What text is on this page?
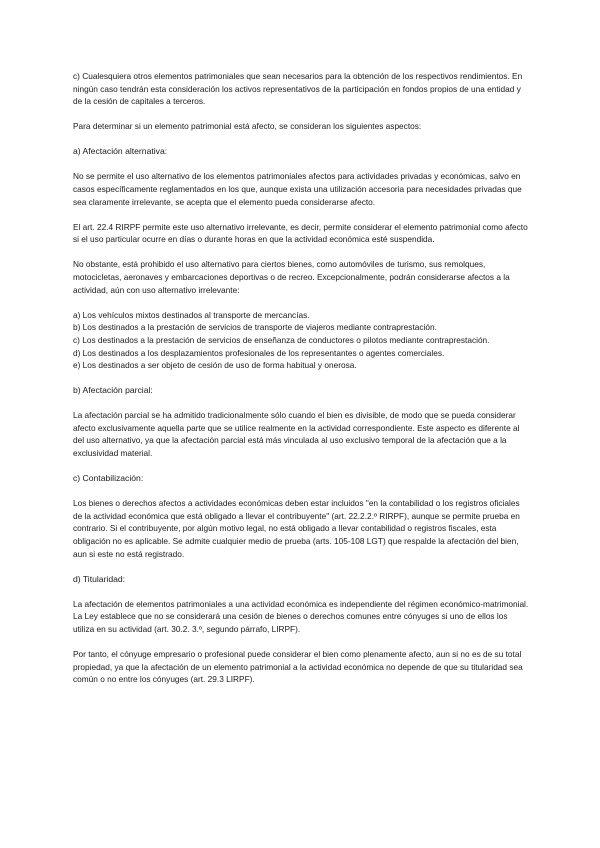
c) Cualesquiera otros elementos patrimoniales que sean necesarios para la obtención de los respectivos rendimientos. En ningún caso tendrán esta consideración los activos representativos de la participación en fondos propios de una entidad y de la cesión de capitales a terceros.

Para determinar si un elemento patrimonial está afecto, se consideran los siguientes aspectos:

a) Afectación alternativa:

No se permite el uso alternativo de los elementos patrimoniales afectos para actividades privadas y económicas, salvo en casos específicamente reglamentados en los que, aunque exista una utilización accesoria para necesidades privadas que sea claramente irrelevante, se acepta que el elemento pueda considerarse afecto.

El art. 22.4 RIRPF permite este uso alternativo irrelevante, es decir, permite considerar el elemento patrimonial como afecto si el uso particular ocurre en días o durante horas en que la actividad económica esté suspendida.

No obstante, está prohibido el uso alternativo para ciertos bienes, como automóviles de turismo, sus remolques, motocicletas, aeronaves y embarcaciones deportivas o de recreo. Excepcionalmente, podrán considerarse afectos a la actividad, aún con uso alternativo irrelevante:

a) Los vehículos mixtos destinados al transporte de mercancías.
b) Los destinados a la prestación de servicios de transporte de viajeros mediante contraprestación.
c) Los destinados a la prestación de servicios de enseñanza de conductores o pilotos mediante contraprestación.
d) Los destinados a los desplazamientos profesionales de los representantes o agentes comerciales.
e) Los destinados a ser objeto de cesión de uso de forma habitual y onerosa.

b) Afectación parcial:

La afectación parcial se ha admitido tradicionalmente sólo cuando el bien es divisible, de modo que se pueda considerar afecto exclusivamente aquella parte que se utilice realmente en la actividad correspondiente. Este aspecto es diferente al del uso alternativo, ya que la afectación parcial está más vinculada al uso exclusivo temporal de la afectación que a la exclusividad material.

c) Contabilización:

Los bienes o derechos afectos a actividades económicas deben estar incluidos "en la contabilidad o los registros oficiales de la actividad económica que está obligado a llevar el contribuyente" (art. 22.2.2.º RIRPF), aunque se permite prueba en contrario. Si el contribuyente, por algún motivo legal, no está obligado a llevar contabilidad o registros fiscales, esta obligación no es aplicable. Se admite cualquier medio de prueba (arts. 105-108 LGT) que respalde la afectación del bien, aun si este no está registrado.

d) Titularidad:

La afectación de elementos patrimoniales a una actividad económica es independiente del régimen económico-matrimonial. La Ley establece que no se considerará una cesión de bienes o derechos comunes entre cónyuges si uno de ellos los utiliza en su actividad (art. 30.2. 3.º, segundo párrafo, LIRPF).

Por tanto, el cónyuge empresario o profesional puede considerar el bien como plenamente afecto, aun si no es de su total propiedad, ya que la afectación de un elemento patrimonial a la actividad económica no depende de que su titularidad sea común o no entre los cónyuges (art. 29.3 LIRPF).
